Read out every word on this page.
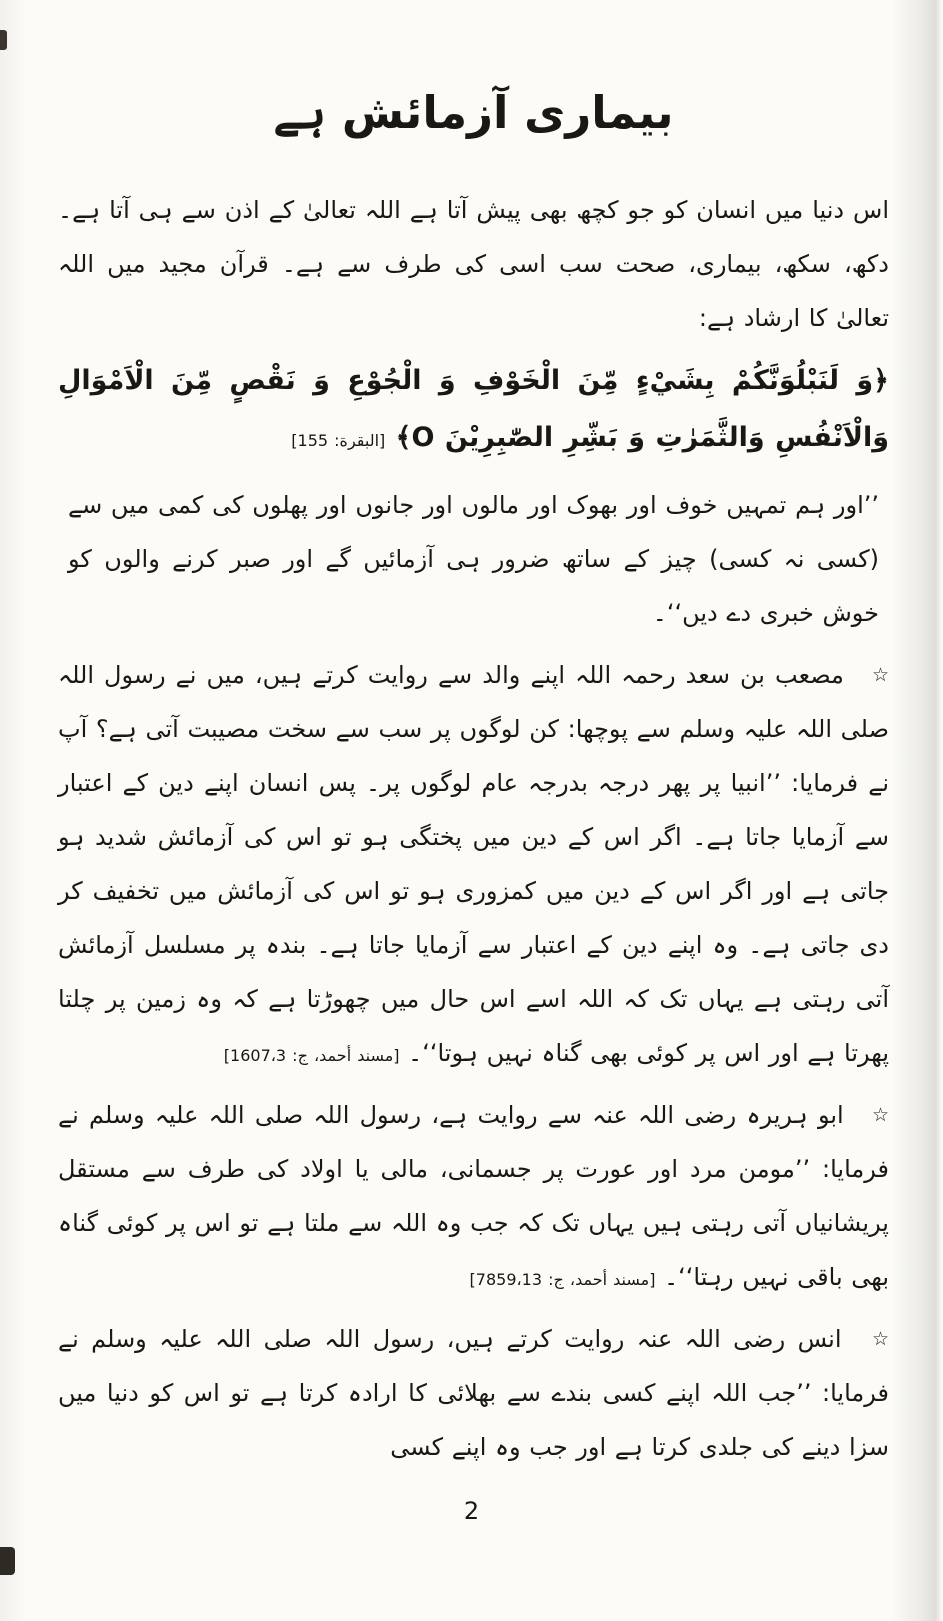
بیماری آزمائش ہے

اس دنیا میں انسان کو جو کچھ بھی پیش آتا ہے اللہ تعالیٰ کے اذن سے ہی آتا ہے۔ دکھ، سکھ، بیماری، صحت سب اسی کی طرف سے ہے۔ قرآن مجید میں اللہ تعالیٰ کا ارشاد ہے:

﴿وَ لَنَبْلُوَنَّكُمْ بِشَيْءٍ مِّنَ الْخَوْفِ وَ الْجُوْعِ وَ نَقْصٍ مِّنَ الْاَمْوَالِ وَالْاَنْفُسِ وَالثَّمَرٰتِ وَ بَشِّرِ الصّٰبِرِيْنَ O﴾ [البقرة: 155]

’’اور ہم تمہیں خوف اور بھوک اور مالوں اور جانوں اور پھلوں کی کمی میں سے (کسی نہ کسی) چیز کے ساتھ ضرور ہی آزمائیں گے اور صبر کرنے والوں کو خوش خبری دے دیں‘‘۔

☆ مصعب بن سعد رحمہ اللہ اپنے والد سے روایت کرتے ہیں، میں نے رسول اللہ صلی اللہ علیہ وسلم سے پوچھا: کن لوگوں پر سب سے سخت مصیبت آتی ہے؟ آپ نے فرمایا: ’’انبیا پر پھر درجہ بدرجہ عام لوگوں پر۔ پس انسان اپنے دین کے اعتبار سے آزمایا جاتا ہے۔ اگر اس کے دین میں پختگی ہو تو اس کی آزمائش شدید ہو جاتی ہے اور اگر اس کے دین میں کمزوری ہو تو اس کی آزمائش میں تخفیف کر دی جاتی ہے۔ وہ اپنے دین کے اعتبار سے آزمایا جاتا ہے۔ بندہ پر مسلسل آزمائش آتی رہتی ہے یہاں تک کہ اللہ اسے اس حال میں چھوڑتا ہے کہ وہ زمین پر چلتا پھرتا ہے اور اس پر کوئی بھی گناہ نہیں ہوتا‘‘۔ [مسند أحمد، ج: 1607،3]

☆ ابو ہریرہ رضی اللہ عنہ سے روایت ہے، رسول اللہ صلی اللہ علیہ وسلم نے فرمایا: ’’مومن مرد اور عورت پر جسمانی، مالی یا اولاد کی طرف سے مستقل پریشانیاں آتی رہتی ہیں یہاں تک کہ جب وہ اللہ سے ملتا ہے تو اس پر کوئی گناہ بھی باقی نہیں رہتا‘‘۔ [مسند أحمد، ج: 7859،13]

☆ انس رضی اللہ عنہ روایت کرتے ہیں، رسول اللہ صلی اللہ علیہ وسلم نے فرمایا: ’’جب اللہ اپنے کسی بندے سے بھلائی کا ارادہ کرتا ہے تو اس کو دنیا میں سزا دینے کی جلدی کرتا ہے اور جب وہ اپنے کسی

2
